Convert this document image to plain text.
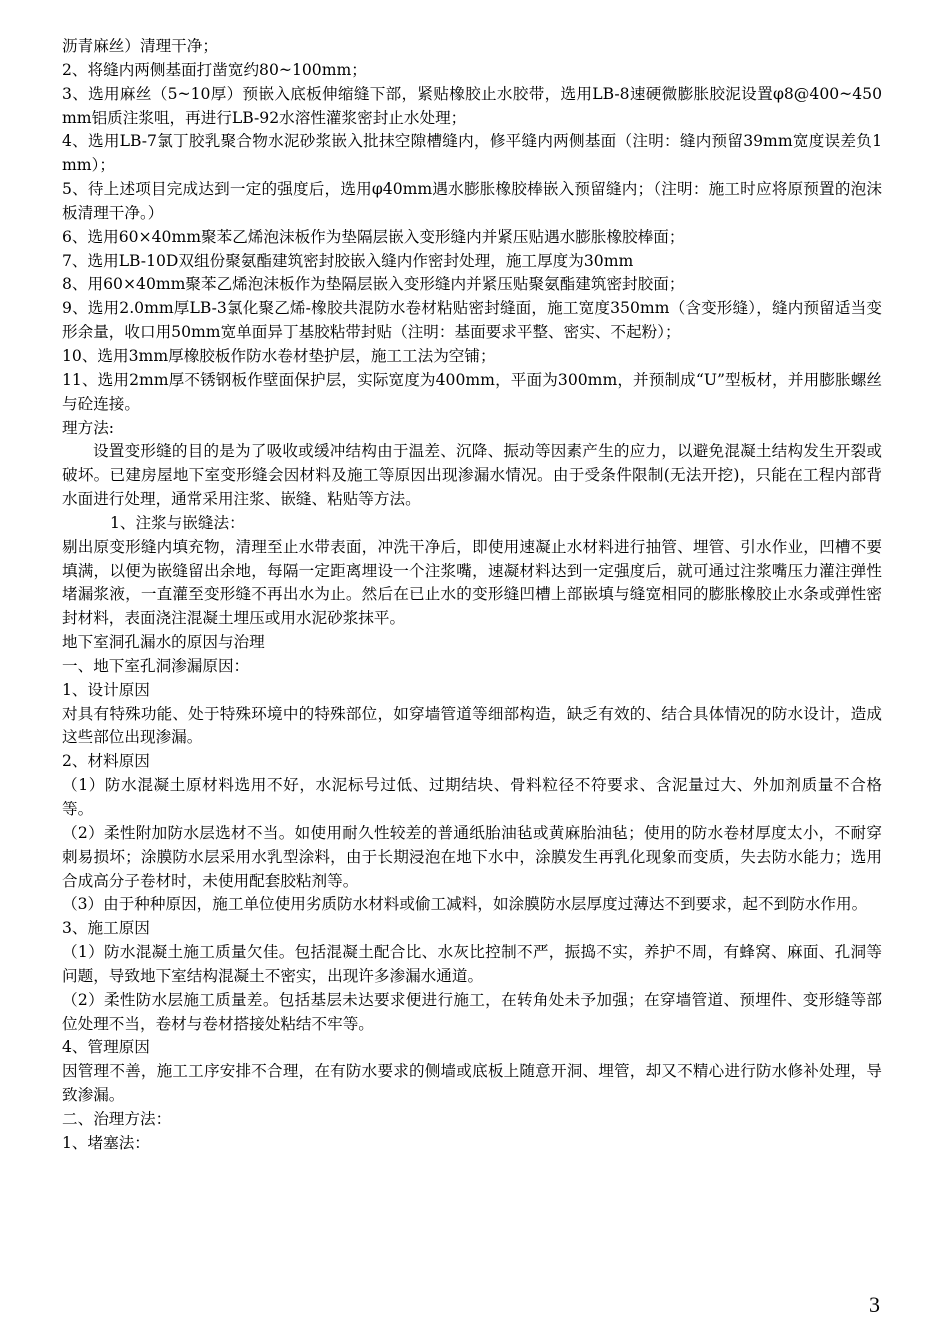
沥青麻丝）清理干净；

2、将缝内两侧基面打凿宽约80~100mm；

3、选用麻丝（5~10厚）预嵌入底板伸缩缝下部，紧贴橡胶止水胶带，选用LB-8速硬微膨胀胶泥设置φ8@400~450mm铝质注浆咀，再进行LB-92水溶性灌浆密封止水处理；

4、选用LB-7氯丁胶乳聚合物水泥砂浆嵌入批抹空隙槽缝内，修平缝内两侧基面（注明：缝内预留39mm宽度误差负1mm）；

5、待上述项目完成达到一定的强度后，选用φ40mm遇水膨胀橡胶棒嵌入预留缝内；（注明：施工时应将原预置的泡沫板清理干净。）

6、选用60×40mm聚苯乙烯泡沫板作为垫隔层嵌入变形缝内并紧压贴遇水膨胀橡胶棒面；

7、选用LB-10D双组份聚氨酯建筑密封胶嵌入缝内作密封处理，施工厚度为30mm

8、用60×40mm聚苯乙烯泡沫板作为垫隔层嵌入变形缝内并紧压贴聚氨酯建筑密封胶面；

9、选用2.0mm厚LB-3氯化聚乙烯-橡胶共混防水卷材粘贴密封缝面，施工宽度350mm（含变形缝），缝内预留适当变形余量，收口用50mm宽单面异丁基胶粘带封贴（注明：基面要求平整、密实、不起粉）；

10、选用3mm厚橡胶板作防水卷材垫护层，施工工法为空铺；

11、选用2mm厚不锈钢板作壁面保护层，实际宽度为400mm，平面为300mm，并预制成“U”型板材，并用膨胀螺丝与砼连接。

理方法:

设置变形缝的目的是为了吸收或缓冲结构由于温差、沉降、振动等因素产生的应力，以避免混凝土结构发生开裂或破坏。已建房屋地下室变形缝会因材料及施工等原因出现渗漏水情况。由于受条件限制(无法开挖)，只能在工程内部背水面进行处理，通常采用注浆、嵌缝、粘贴等方法。

1、注浆与嵌缝法：

剔出原变形缝内填充物，清理至止水带表面，冲洗干净后，即使用速凝止水材料进行抽管、埋管、引水作业，凹槽不要填满，以便为嵌缝留出余地，每隔一定距离埋设一个注浆嘴，速凝材料达到一定强度后，就可通过注浆嘴压力灌注弹性堵漏浆液，一直灌至变形缝不再出水为止。然后在已止水的变形缝凹槽上部嵌填与缝宽相同的膨胀橡胶止水条或弹性密封材料，表面浇注混凝土埋压或用水泥砂浆抹平。

地下室洞孔漏水的原因与治理

一、地下室孔洞渗漏原因：

1、设计原因

对具有特殊功能、处于特殊环境中的特殊部位，如穿墙管道等细部构造，缺乏有效的、结合具体情况的防水设计，造成这些部位出现渗漏。

2、材料原因

（1）防水混凝土原材料选用不好，水泥标号过低、过期结块、骨料粒径不符要求、含泥量过大、外加剂质量不合格等。

（2）柔性附加防水层选材不当。如使用耐久性较差的普通纸胎油毡或黄麻胎油毡；使用的防水卷材厚度太小，不耐穿刺易损坏；涂膜防水层采用水乳型涂料，由于长期浸泡在地下水中，涂膜发生再乳化现象而变质，失去防水能力；选用合成高分子卷材时，未使用配套胶粘剂等。

（3）由于种种原因，施工单位使用劣质防水材料或偷工减料，如涂膜防水层厚度过薄达不到要求，起不到防水作用。

3、施工原因

（1）防水混凝土施工质量欠佳。包括混凝土配合比、水灰比控制不严，振捣不实，养护不周，有蜂窝、麻面、孔洞等问题，导致地下室结构混凝土不密实，出现许多渗漏水通道。

（2）柔性防水层施工质量差。包括基层未达要求便进行施工，在转角处未予加强；在穿墙管道、预埋件、变形缝等部位处理不当，卷材与卷材搭接处粘结不牢等。

4、管理原因

因管理不善，施工工序安排不合理，在有防水要求的侧墙或底板上随意开洞、埋管，却又不精心进行防水修补处理，导致渗漏。

二、治理方法：

1、堵塞法：

3
